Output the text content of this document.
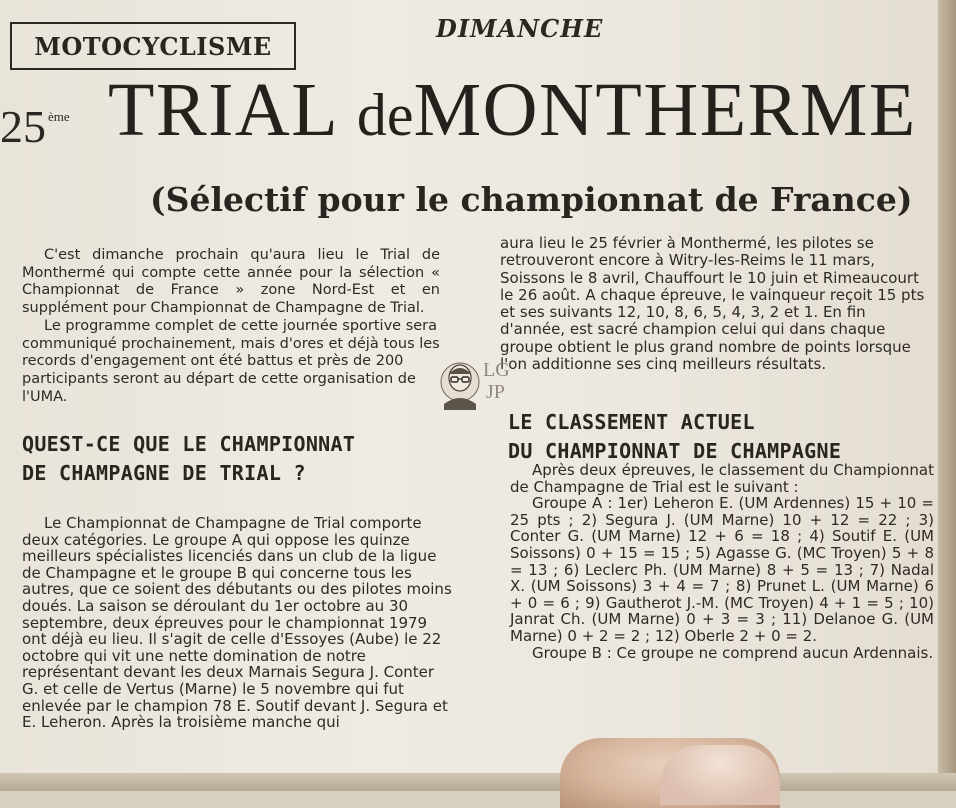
MOTOCYCLISME
DIMANCHE
25 $^{ème}$ TRIAL deMONTHERME
(Sélectif pour le championnat de France)

C'est dimanche prochain qu'aura lieu le Trial de Monthermé qui compte cette année pour la sélection « Championnat de France » zone Nord-Est et en supplément pour Championnat de Champagne de Trial.

Le programme complet de cette journée sportive sera communiqué prochainement, mais d'ores et déjà tous les records d'engagement ont été battus et près de 200 participants seront au départ de cette organisation de l'UMA.

QUEST-CE QUE LE CHAMPIONNAT
DE CHAMPAGNE DE TRIAL ?

Le Championnat de Champagne de Trial comporte deux catégories. Le groupe A qui oppose les quinze meilleurs spécialistes licenciés dans un club de la ligue de Champagne et le groupe B qui concerne tous les autres, que ce soient des débutants ou des pilotes moins doués. La saison se déroulant du 1er octobre au 30 septembre, deux épreuves pour le championnat 1979 ont déjà eu lieu. Il s'agit de celle d'Essoyes (Aube) le 22 octobre qui vit une nette domination de notre représentant devant les deux Marnais Segura J. Conter G. et celle de Vertus (Marne) le 5 novembre qui fut enlevée par le champion 78 E. Soutif devant J. Segura et E. Leheron. Après la troisième manche qui

aura lieu le 25 février à Monthermé, les pilotes se retrouveront encore à Witry-les-Reims le 11 mars, Soissons le 8 avril, Chauffourt le 10 juin et Rimeaucourt le 26 août. A chaque épreuve, le vainqueur reçoit 15 pts et ses suivants 12, 10, 8, 6, 5, 4, 3, 2 et 1. En fin d'année, est sacré champion celui qui dans chaque groupe obtient le plus grand nombre de points lorsque l'on additionne ses cinq meilleurs résultats.

LE CLASSEMENT ACTUEL
DU CHAMPIONNAT DE CHAMPAGNE

Après deux épreuves, le classement du Championnat de Champagne de Trial est le suivant :

Groupe A : 1er) Leheron E. (UM Ardennes) 15 + 10 = 25 pts ; 2) Segura J. (UM Marne) 10 + 12 = 22 ; 3) Conter G. (UM Marne) 12 + 6 = 18 ; 4) Soutif E. (UM Soissons) 0 + 15 = 15 ; 5) Agasse G. (MC Troyen) 5 + 8 = 13 ; 6) Leclerc Ph. (UM Marne) 8 + 5 = 13 ; 7) Nadal X. (UM Soissons) 3 + 4 = 7 ; 8) Prunet L. (UM Marne) 6 + 0 = 6 ; 9) Gautherot J.-M. (MC Troyen) 4 + 1 = 5 ; 10) Janrat Ch. (UM Marne) 0 + 3 = 3 ; 11) Delanoe G. (UM Marne) 0 + 2 = 2 ; 12) Oberle 2 + 0 = 2.

Groupe B : Ce groupe ne comprend aucun Ardennais.

LG
JP
